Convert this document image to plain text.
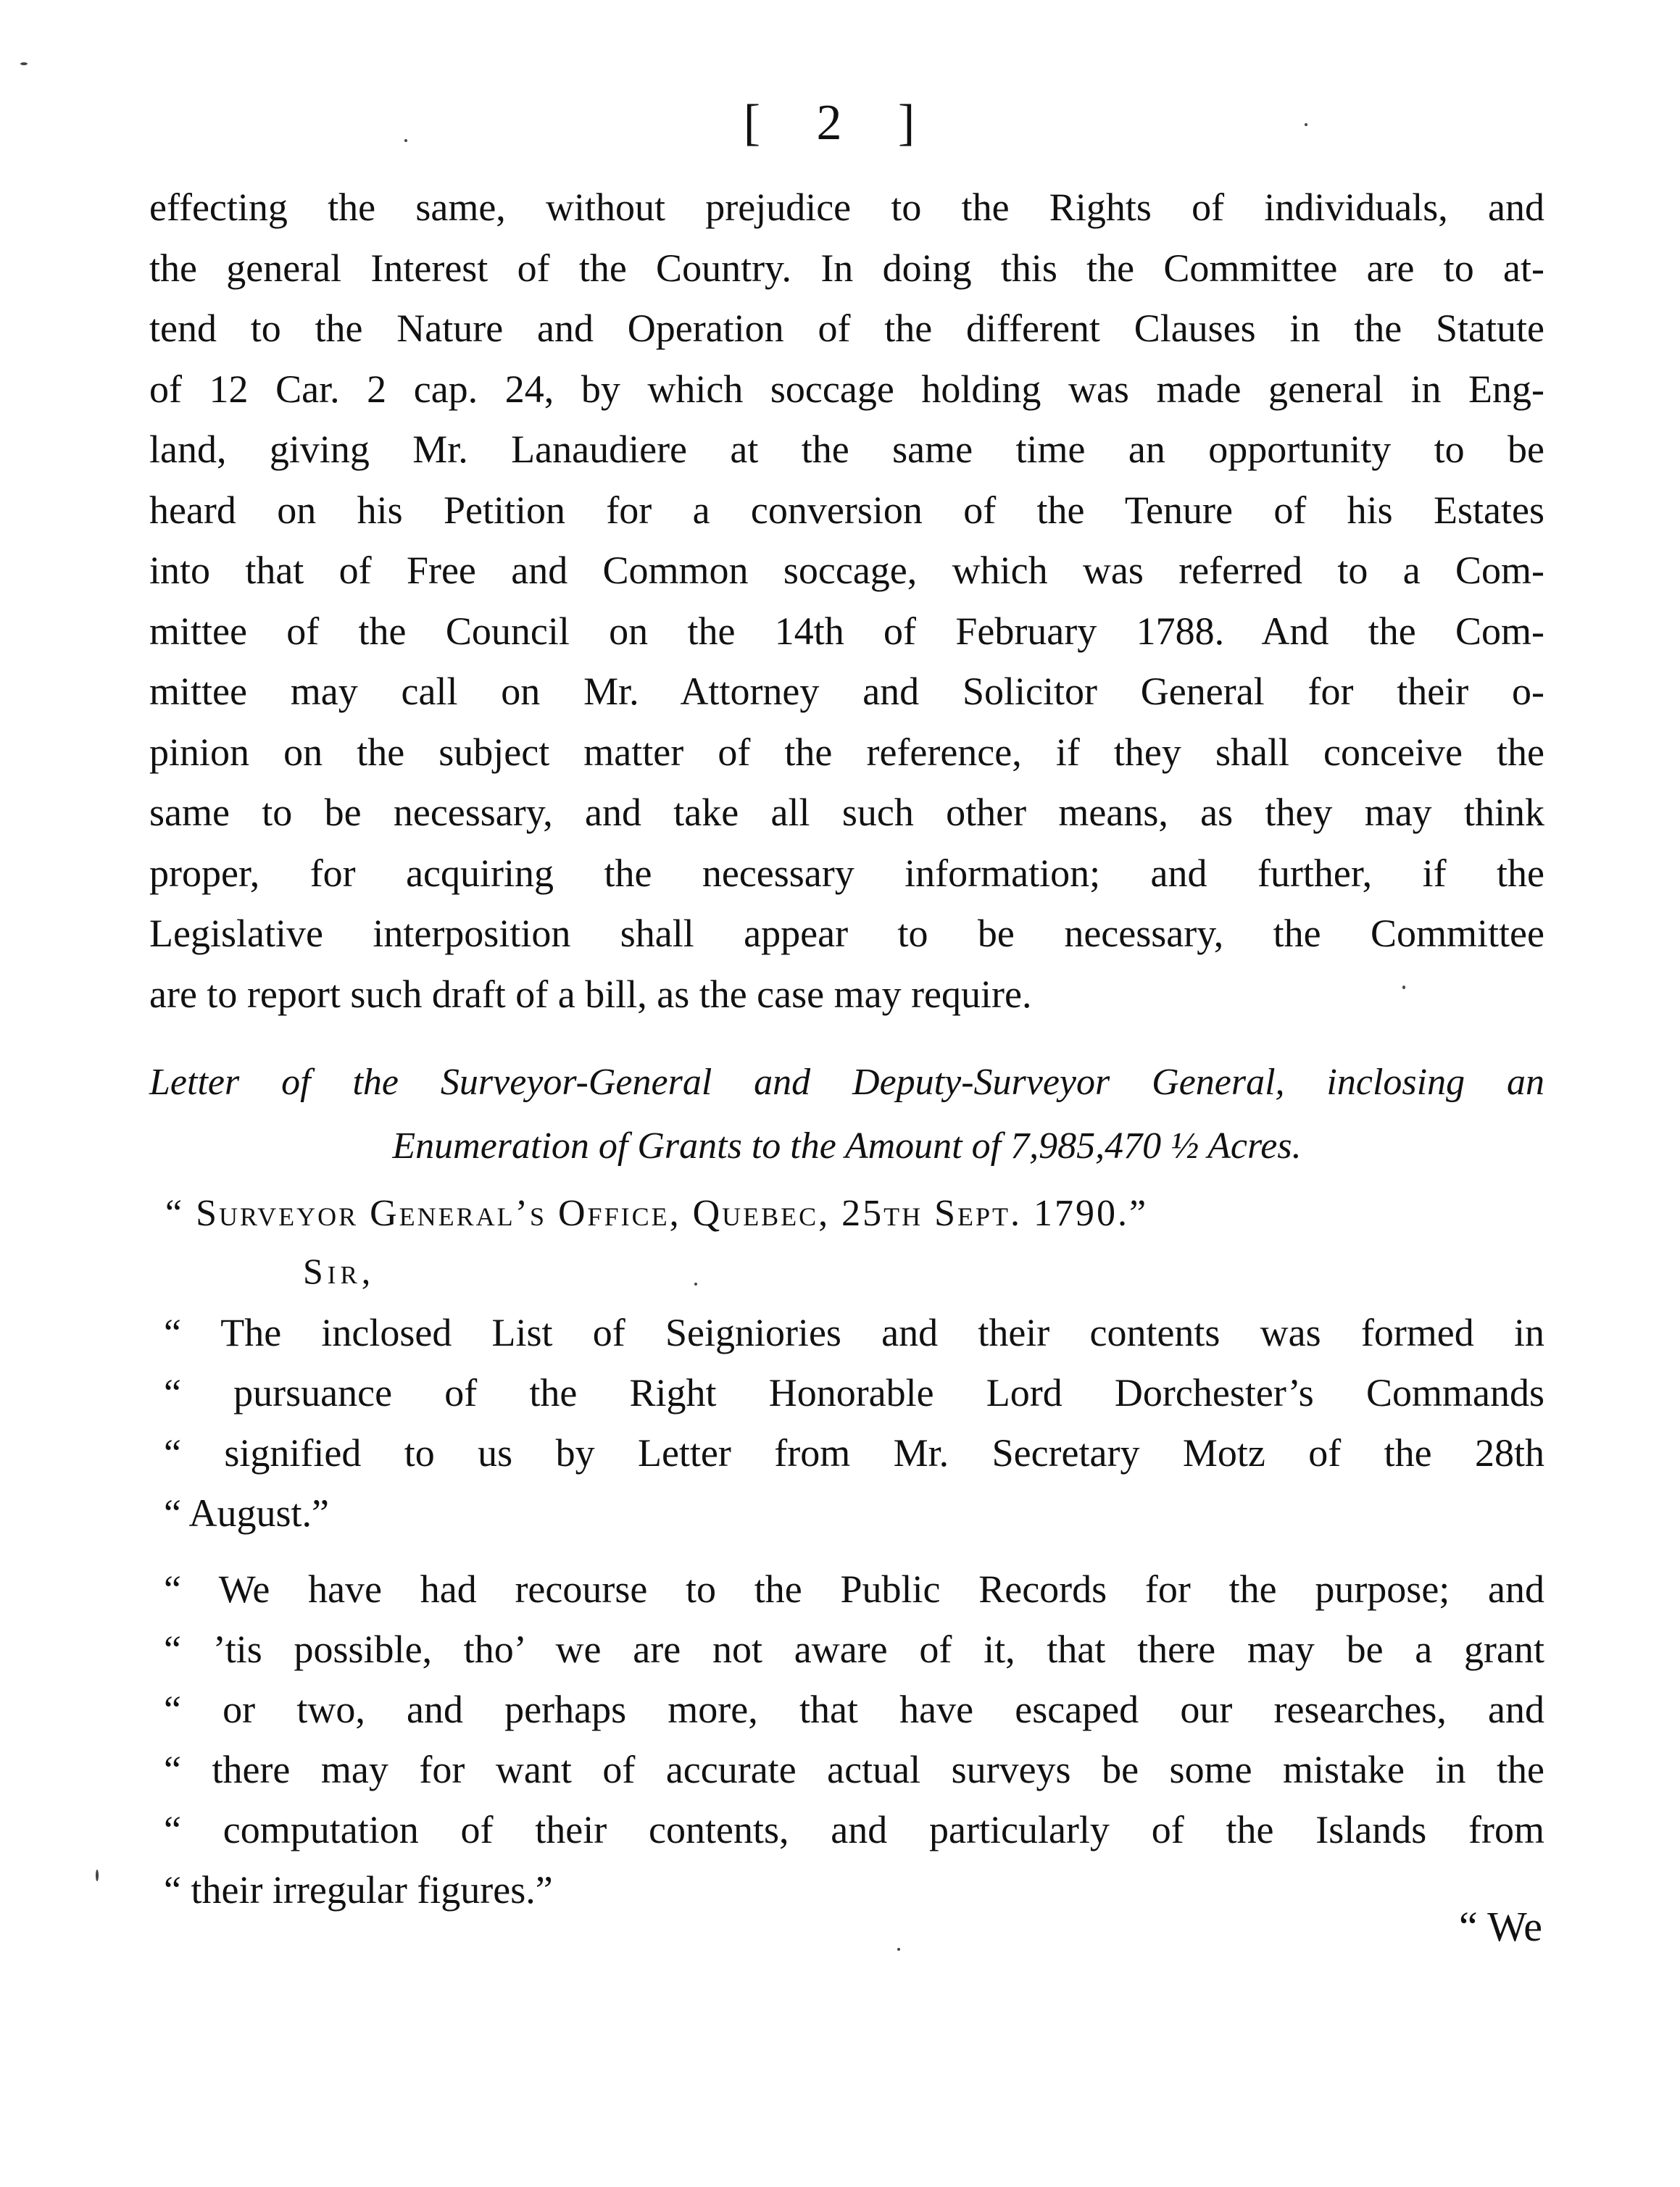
[ 2 ]
effecting the same, without prejudice to the Rights of individuals, and
the general Interest of the Country. In doing this the Committee are to at-
tend to the Nature and Operation of the different Clauses in the Statute
of 12 Car. 2 cap. 24, by which soccage holding was made general in Eng-
land, giving Mr. Lanaudiere at the same time an opportunity to be
heard on his Petition for a conversion of the Tenure of his Estates
into that of Free and Common soccage, which was referred to a Com-
mittee of the Council on the 14th of February 1788. And the Com-
mittee may call on Mr. Attorney and Solicitor General for their o-
pinion on the subject matter of the reference, if they shall conceive the
same to be necessary, and take all such other means, as they may think
proper, for acquiring the necessary information; and further, if the
Legislative interposition shall appear to be necessary, the Committee
are to report such draft of a bill, as the case may require.
Letter of the Surveyor-General and Deputy-Surveyor General, inclosing an
Enumeration of Grants to the Amount of 7,985,470 ½ Acres.
“ Surveyor General’s Office, Quebec, 25th Sept. 1790.”
Sir,
“ The inclosed List of Seigniories and their contents was formed in
“ pursuance of the Right Honorable Lord Dorchester’s Commands
“ signified to us by Letter from Mr. Secretary Motz of the 28th
“ August.”
“ We have had recourse to the Public Records for the purpose; and
“ ’tis possible, tho’ we are not aware of it, that there may be a grant
“ or two, and perhaps more, that have escaped our researches, and
“ there may for want of accurate actual surveys be some mistake in the
“ computation of their contents, and particularly of the Islands from
“ their irregular figures.”
“ We
